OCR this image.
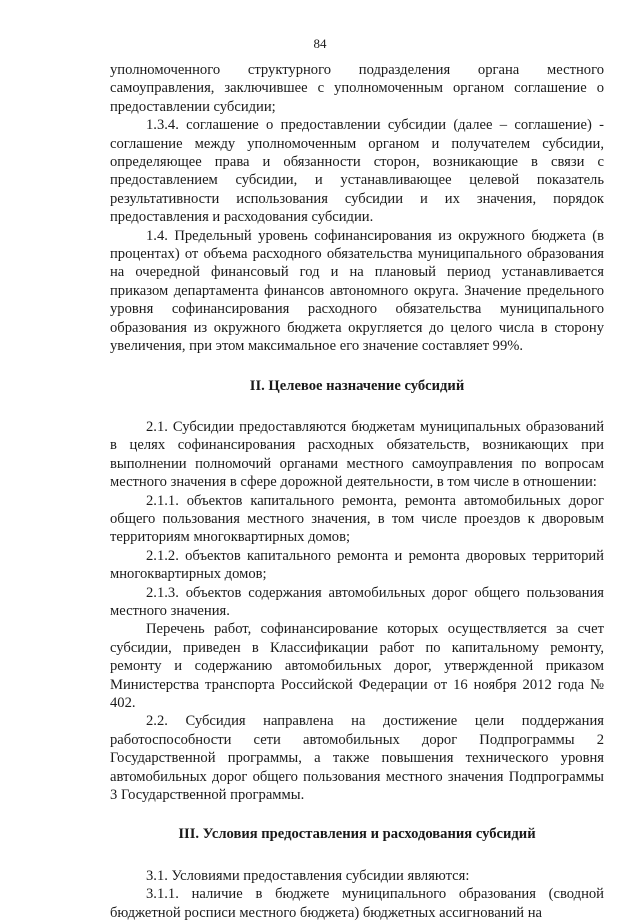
84

уполномоченного структурного подразделения органа местного самоуправления, заключившее с уполномоченным органом соглашение о предоставлении субсидии;

1.3.4. соглашение о предоставлении субсидии (далее – соглашение) - соглашение между уполномоченным органом и получателем субсидии, определяющее права и обязанности сторон, возникающие в связи с предоставлением субсидии, и устанавливающее целевой показатель результативности использования субсидии и их значения, порядок предоставления и расходования субсидии.

1.4. Предельный уровень софинансирования из окружного бюджета (в процентах) от объема расходного обязательства муниципального образования на очередной финансовый год и на плановый период устанавливается приказом департамента финансов автономного округа. Значение предельного уровня софинансирования расходного обязательства муниципального образования из окружного бюджета округляется до целого числа в сторону увеличения, при этом максимальное его значение составляет 99%.

II. Целевое назначение субсидий

2.1. Субсидии предоставляются бюджетам муниципальных образований в целях софинансирования расходных обязательств, возникающих при выполнении полномочий органами местного самоуправления по вопросам местного значения в сфере дорожной деятельности, в том числе в отношении:

2.1.1. объектов капитального ремонта, ремонта автомобильных дорог общего пользования местного значения, в том числе проездов к дворовым территориям многоквартирных домов;

2.1.2. объектов капитального ремонта и ремонта дворовых территорий многоквартирных домов;

2.1.3. объектов содержания автомобильных дорог общего пользования местного значения.

Перечень работ, софинансирование которых осуществляется за счет субсидии, приведен в Классификации работ по капитальному ремонту, ремонту и содержанию автомобильных дорог, утвержденной приказом Министерства транспорта Российской Федерации от 16 ноября 2012 года № 402.

2.2. Субсидия направлена на достижение цели поддержания работоспособности сети автомобильных дорог Подпрограммы 2 Государственной программы, а также повышения технического уровня автомобильных дорог общего пользования местного значения Подпрограммы 3 Государственной программы.

III. Условия предоставления и расходования субсидий

3.1. Условиями предоставления субсидии являются:

3.1.1. наличие в бюджете муниципального образования (сводной бюджетной росписи местного бюджета) бюджетных ассигнований на
